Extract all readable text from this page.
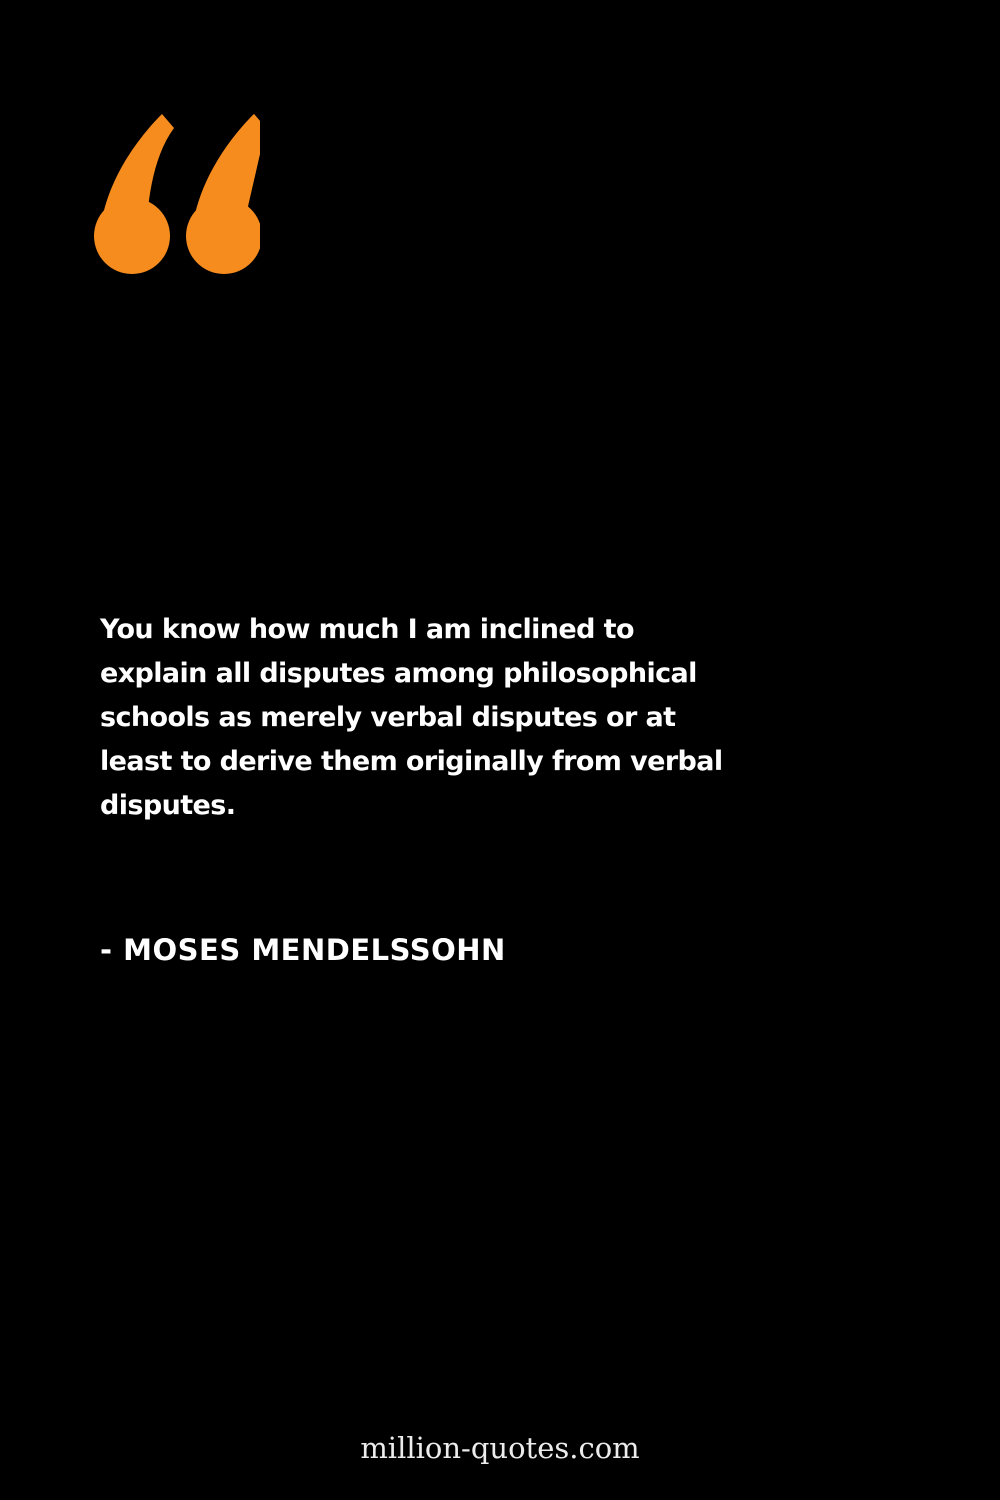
You know how much I am inclined to
explain all disputes among philosophical
schools as merely verbal disputes or at
least to derive them originally from verbal
disputes.
- MOSES MENDELSSOHN
million-quotes.com
